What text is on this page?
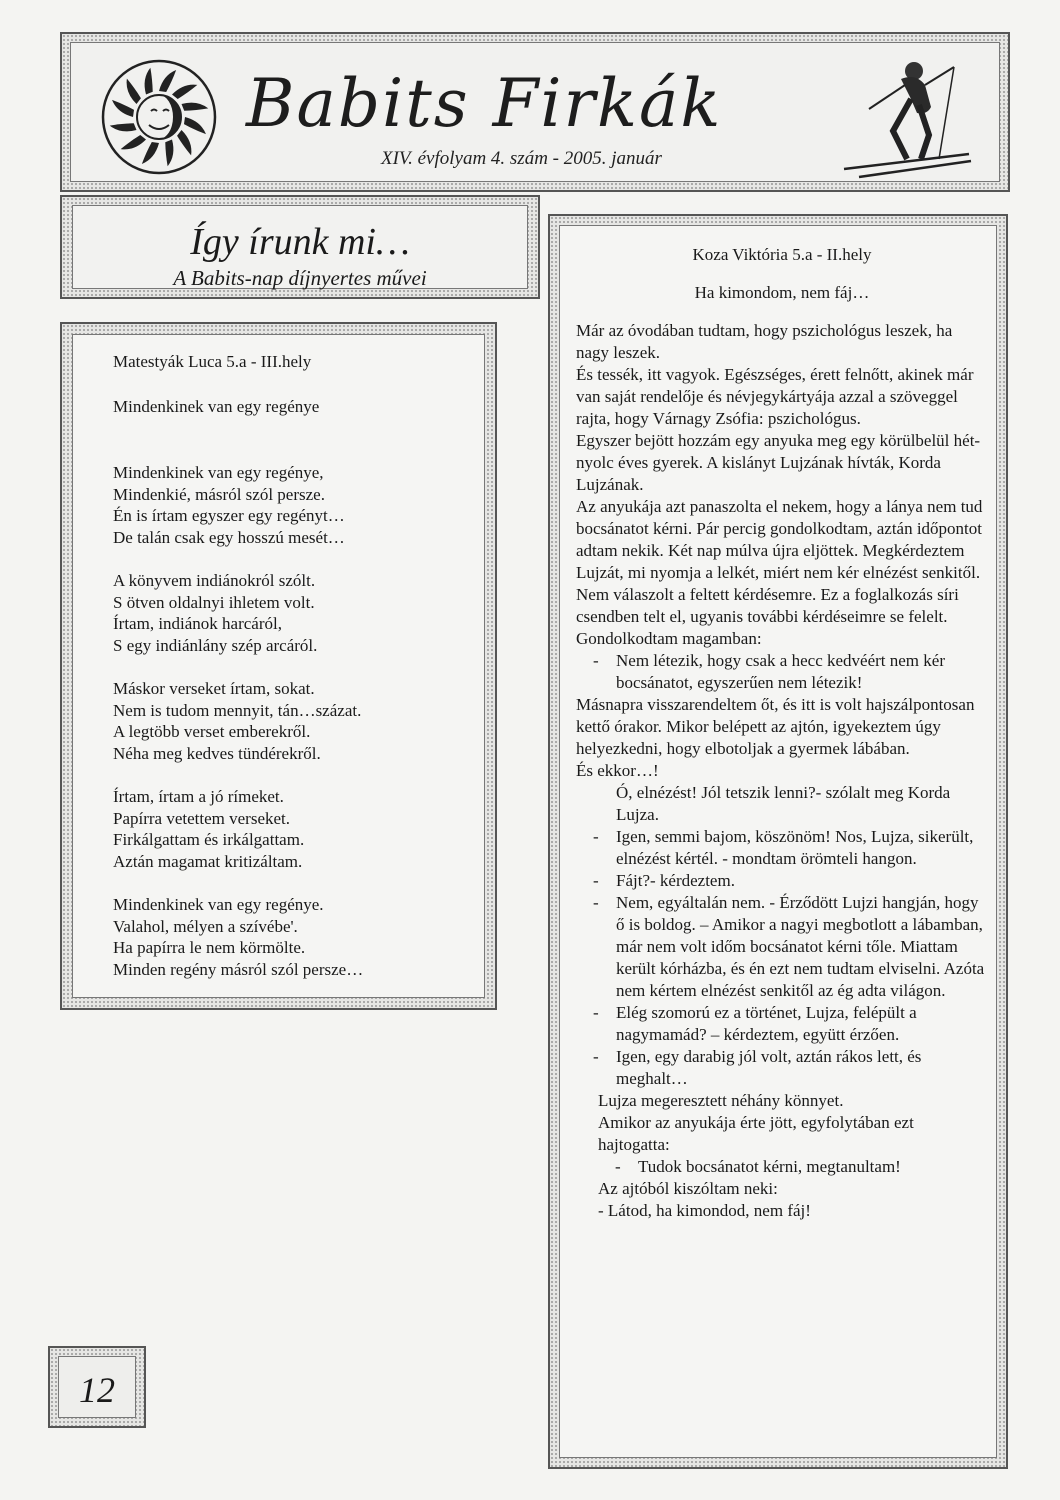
Babits Firkák
XIV. évfolyam 4. szám - 2005. január
Így írunk mi…
A Babits-nap díjnyertes művei
Matestyák Luca 5.a - III.hely
Mindenkinek van egy regénye
Mindenkinek van egy regénye,
Mindenkié, másról szól persze.
Én is írtam egyszer egy regényt…
De talán csak egy hosszú mesét…
A könyvem indiánokról szólt.
S ötven oldalnyi ihletem volt.
Írtam, indiánok harcáról,
S egy indiánlány szép arcáról.
Máskor verseket írtam, sokat.
Nem is tudom mennyit, tán…százat.
A legtöbb verset emberekről.
Néha meg kedves tündérekről.
Írtam, írtam a jó rímeket.
Papírra vetettem verseket.
Firkálgattam és irkálgattam.
Aztán magamat kritizáltam.
Mindenkinek van egy regénye.
Valahol, mélyen a szívébe'.
Ha papírra le nem körmölte.
Minden regény másról szól persze…
Koza Viktória 5.a - II.hely
Ha kimondom, nem fáj…
Már az óvodában tudtam, hogy pszichológus leszek, ha nagy leszek.
És tessék, itt vagyok. Egészséges, érett felnőtt, akinek már van saját rendelője és névjegykártyája azzal a szöveggel rajta, hogy Várnagy Zsófia: pszichológus.
Egyszer bejött hozzám egy anyuka meg egy körülbelül hét-nyolc éves gyerek. A kislányt Lujzának hívták, Korda Lujzának.
Az anyukája azt panaszolta el nekem, hogy a lánya nem tud bocsánatot kérni. Pár percig gondolkodtam, aztán időpontot adtam nekik. Két nap múlva újra eljöttek. Megkérdeztem Lujzát, mi nyomja a lelkét, miért nem kér elnézést senkitől. Nem válaszolt a feltett kérdésemre. Ez a foglalkozás síri csendben telt el, ugyanis további kérdéseimre se felelt.
Gondolkodtam magamban:
-	Nem létezik, hogy csak a hecc kedvéért nem kér bocsánatot, egyszerűen nem létezik!
Másnapra visszarendeltem őt, és itt is volt hajszálpontosan kettő órakor. Mikor belépett az ajtón, igyekeztem úgy helyezkedni, hogy elbotoljak a gyermek lábában.
És ekkor…!
Ó, elnézést! Jól tetszik lenni?- szólalt meg Korda Lujza.
-	Igen, semmi bajom, köszönöm! Nos, Lujza, sikerült, elnézést kértél. - mondtam örömteli hangon.
-	Fájt?- kérdeztem.
-	Nem, egyáltalán nem. - Érződött Lujzi hangján, hogy ő is boldog. – Amikor a nagyi megbotlott a lábamban, már nem volt időm bocsánatot kérni tőle. Miattam került kórházba, és én ezt nem tudtam elviselni. Azóta nem kértem elnézést senkitől az ég adta világon.
-	Elég szomorú ez a történet, Lujza, felépült a nagymamád? – kérdeztem, együtt érzően.
-	Igen, egy darabig jól volt, aztán rákos lett, és meghalt…
Lujza megeresztett néhány könnyet.
Amikor az anyukája érte jött, egyfolytában ezt hajtogatta:
-	Tudok bocsánatot kérni, megtanultam!
Az ajtóból kiszóltam neki:
- Látod, ha kimondod, nem fáj!
12
